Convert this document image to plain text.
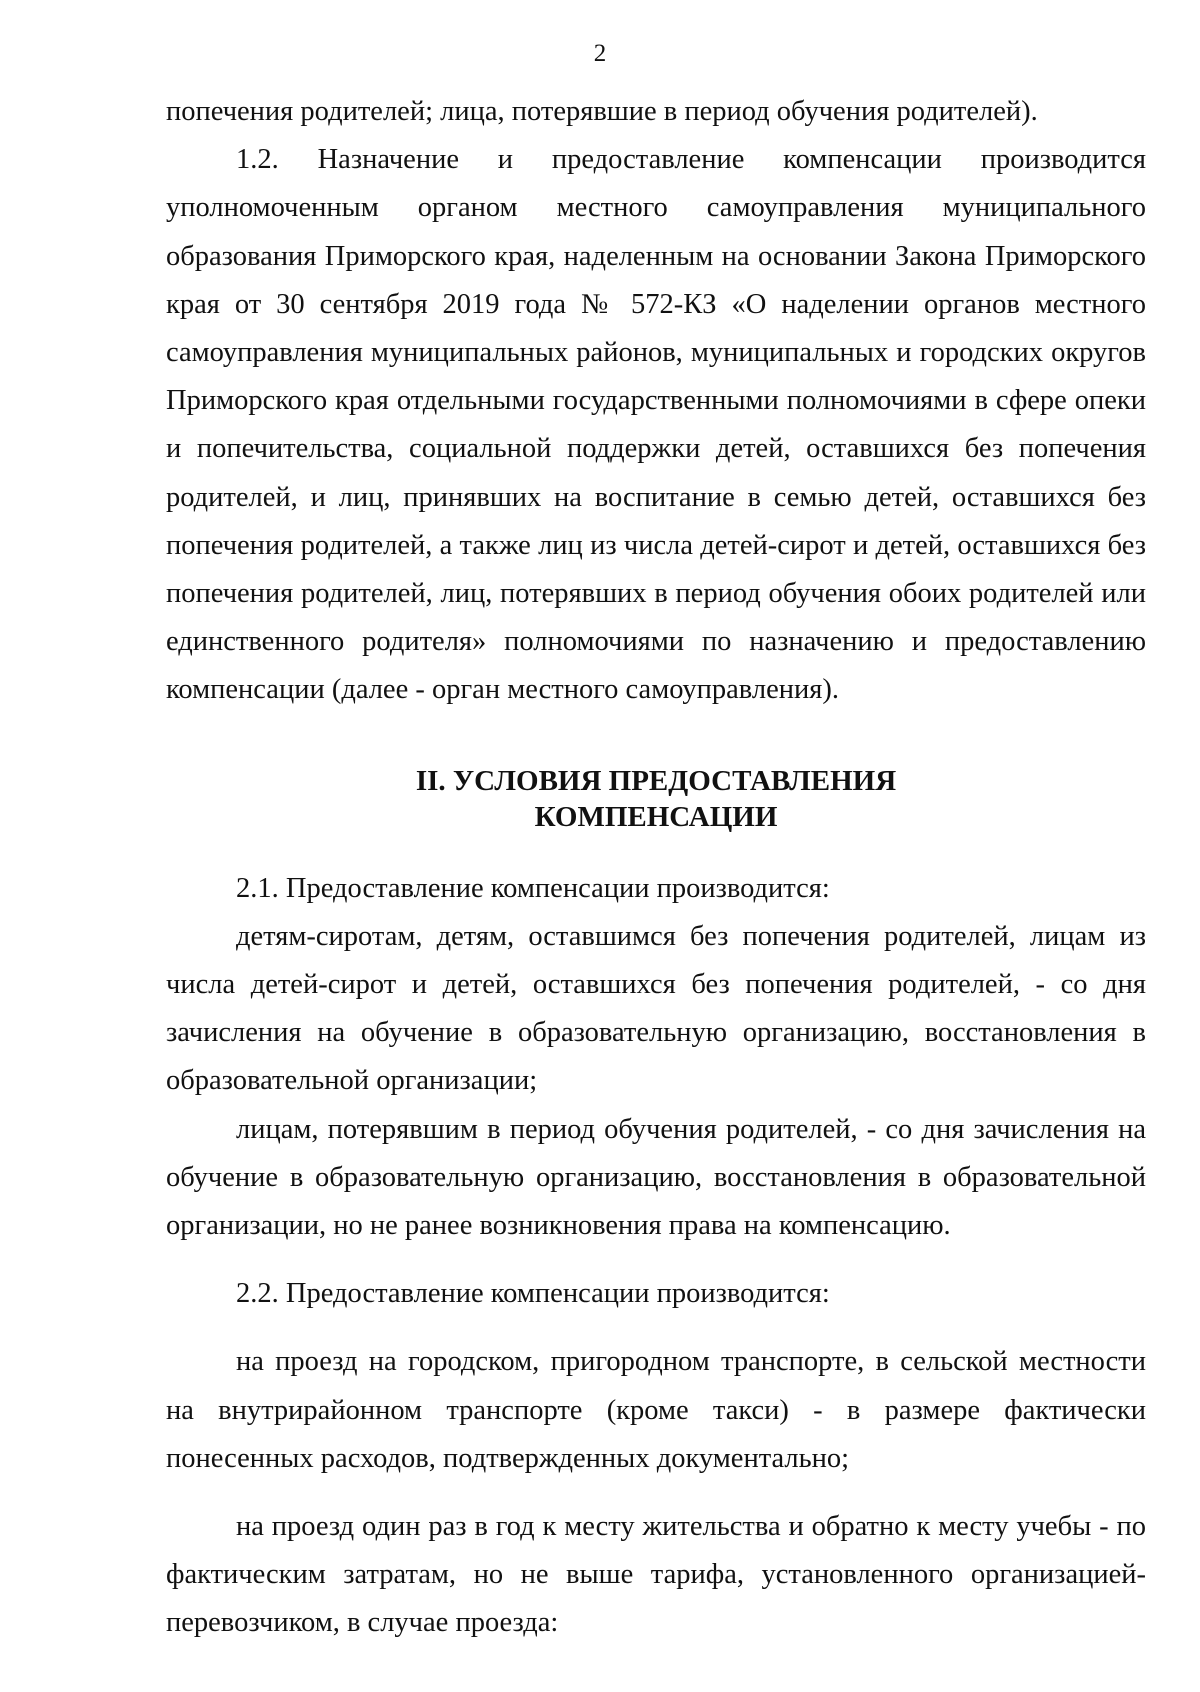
2

попечения родителей; лица, потерявшие в период обучения родителей).

1.2. Назначение и предоставление компенсации производится уполномоченным органом местного самоуправления муниципального образования Приморского края, наделенным на основании Закона Приморского края от 30 сентября 2019 года № 572-КЗ «О наделении органов местного самоуправления муниципальных районов, муниципальных и городских округов Приморского края отдельными государственными полномочиями в сфере опеки и попечительства, социальной поддержки детей, оставшихся без попечения родителей, и лиц, принявших на воспитание в семью детей, оставшихся без попечения родителей, а также лиц из числа детей-сирот и детей, оставшихся без попечения родителей, лиц, потерявших в период обучения обоих родителей или единственного родителя» полномочиями по назначению и предоставлению компенсации (далее - орган местного самоуправления).

II. УСЛОВИЯ ПРЕДОСТАВЛЕНИЯ
КОМПЕНСАЦИИ

2.1. Предоставление компенсации производится:

детям-сиротам, детям, оставшимся без попечения родителей, лицам из числа детей-сирот и детей, оставшихся без попечения родителей, - со дня зачисления на обучение в образовательную организацию, восстановления в образовательной организации;

лицам, потерявшим в период обучения родителей, - со дня зачисления на обучение в образовательную организацию, восстановления в образовательной организации, но не ранее возникновения права на компенсацию.

2.2. Предоставление компенсации производится:

на проезд на городском, пригородном транспорте, в сельской местности на внутрирайонном транспорте (кроме такси) - в размере фактически понесенных расходов, подтвержденных документально;

на проезд один раз в год к месту жительства и обратно к месту учебы - по фактическим затратам, но не выше тарифа, установленного организацией-перевозчиком, в случае проезда:
